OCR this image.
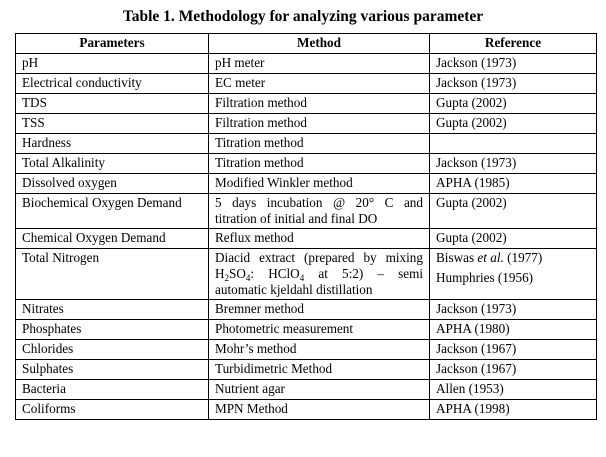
Table 1. Methodology for analyzing various parameter
Parameters	Method	Reference
pH	pH meter	Jackson (1973)
Electrical conductivity	EC meter	Jackson (1973)
TDS	Filtration method	Gupta (2002)
TSS	Filtration method	Gupta (2002)
Hardness	Titration method	
Total Alkalinity	Titration method	Jackson (1973)
Dissolved oxygen	Modified Winkler method	APHA (1985)
Biochemical Oxygen Demand	5 days incubation @ 20° C and titration of initial and final DO	Gupta (2002)
Chemical Oxygen Demand	Reflux method	Gupta (2002)
Total Nitrogen	Diacid extract (prepared by mixing $H_2SO_4$: HClO$_4$ at 5:2) – semi automatic kjeldahl distillation	Biswas et al. (1977)
Humphries (1956)

Nitrates	Bremner method	Jackson (1973)
Phosphates	Photometric measurement	APHA (1980)
Chlorides	Mohr’s method	Jackson (1967)
Sulphates	Turbidimetric Method	Jackson (1967)
Bacteria	Nutrient agar	Allen (1953)
Coliforms	MPN Method	APHA (1998)
